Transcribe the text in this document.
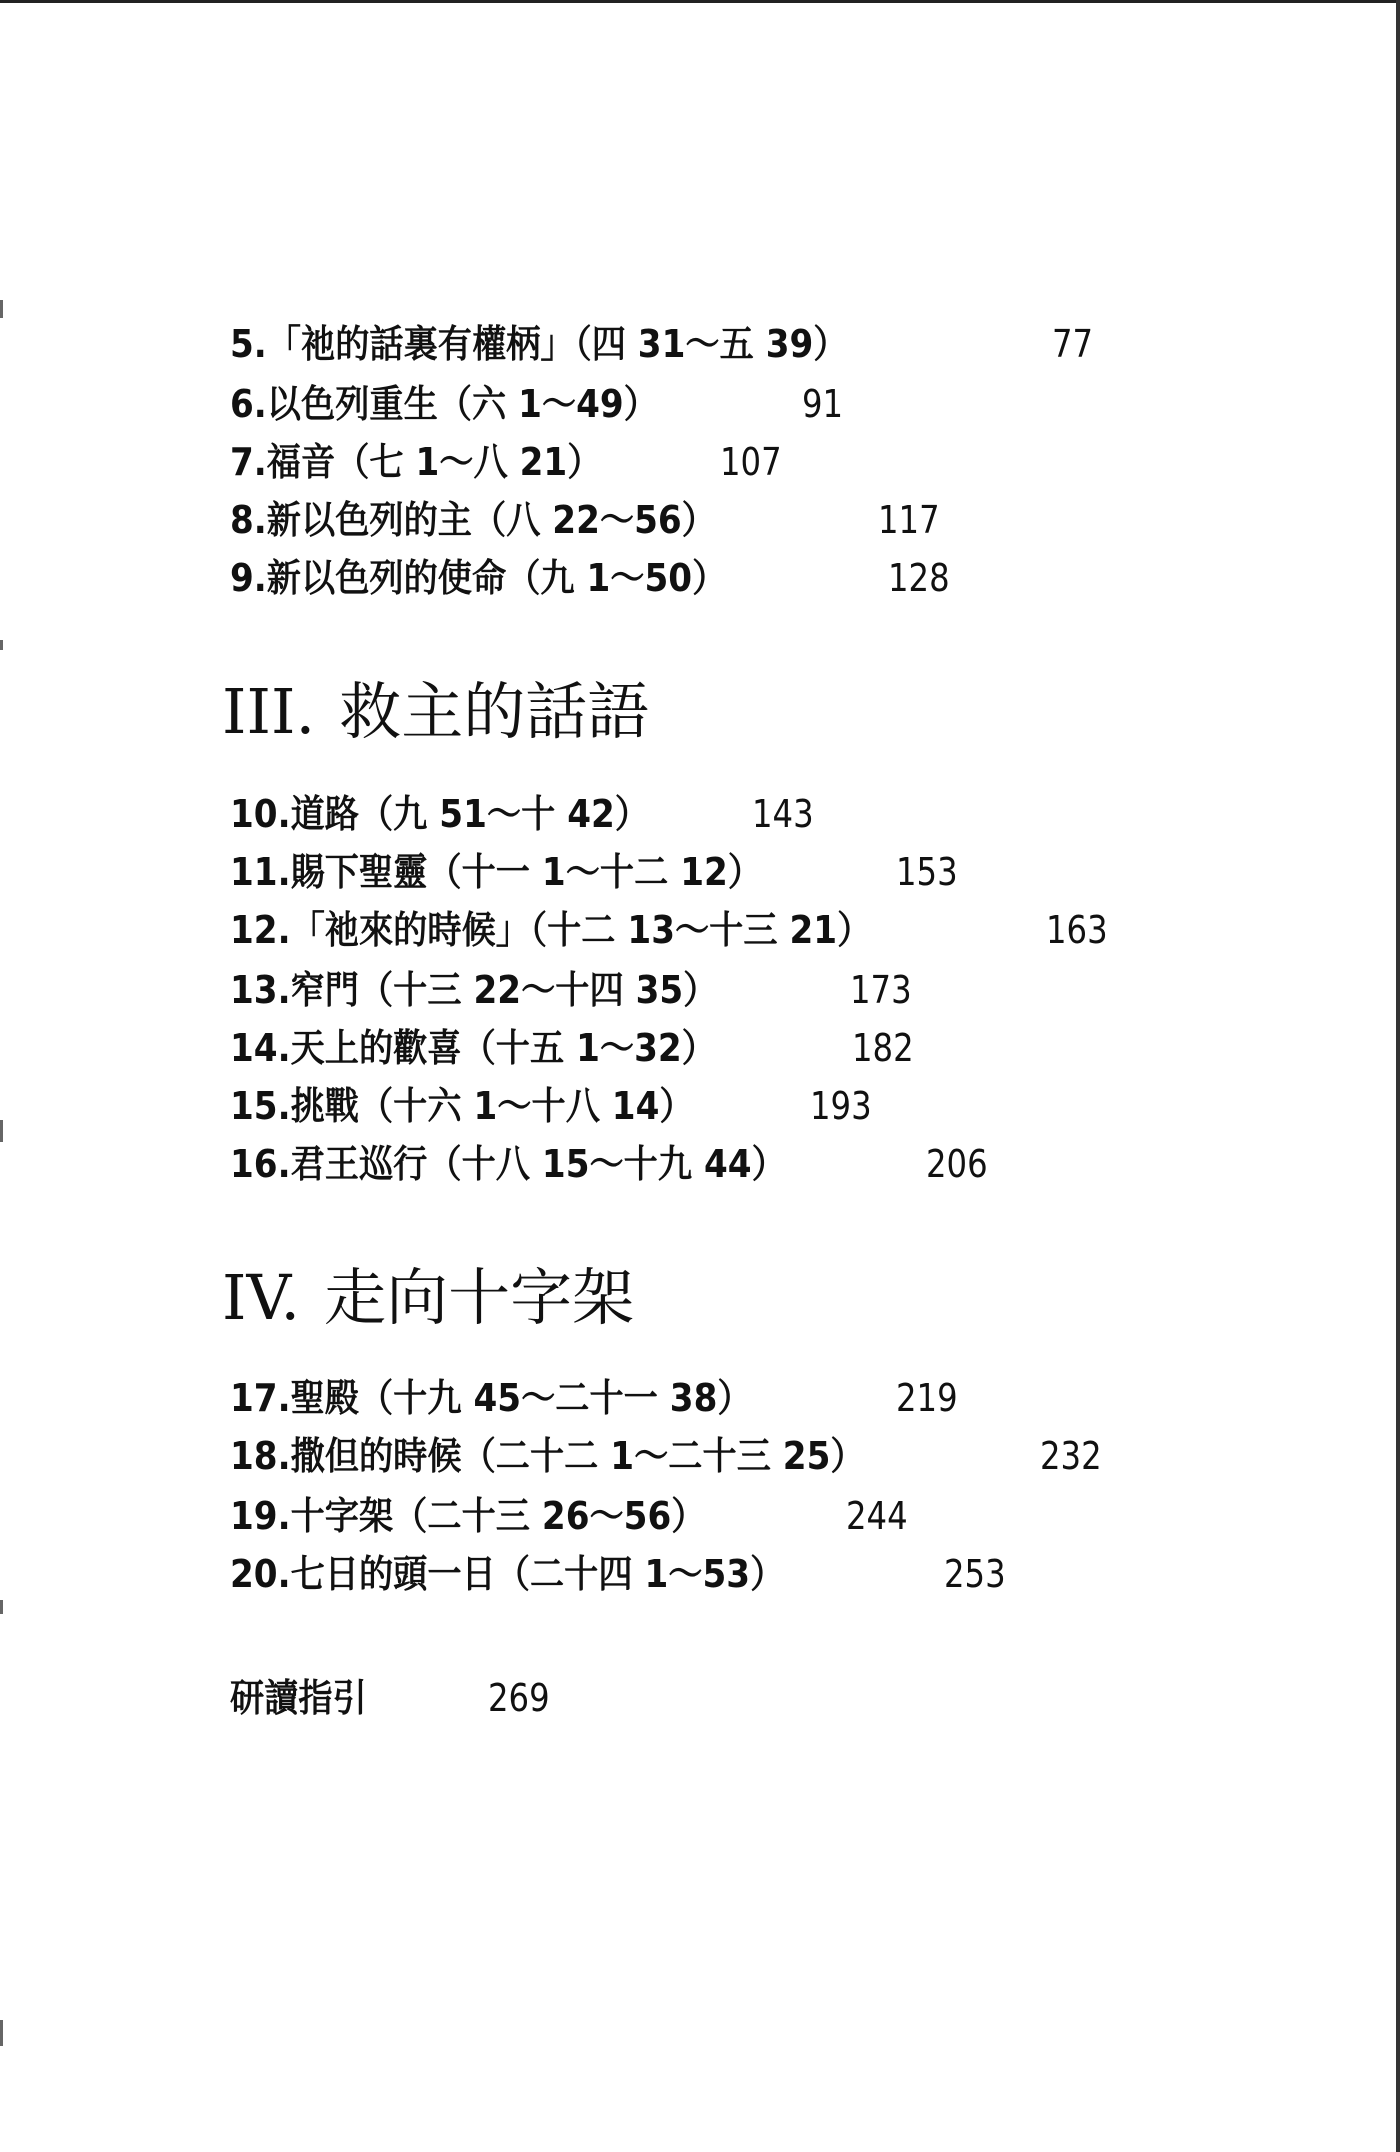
5.「祂的話裏有權柄」（四 31～五 39）	77
6.以色列重生（六 1～49）	91
7.福音（七 1～八 21）	107
8.新以色列的主（八 22～56）	117
9.新以色列的使命（九 1～50）	128
III. 救主的話語
10.道路（九 51～十 42）	143
11.賜下聖靈（十一 1～十二 12）	153
12.「祂來的時候」（十二 13～十三 21）	163
13.窄門（十三 22～十四 35）	173
14.天上的歡喜（十五 1～32）	182
15.挑戰（十六 1～十八 14）	193
16.君王巡行（十八 15～十九 44）	206
IV. 走向十字架
17.聖殿（十九 45～二十一 38）	219
18.撒但的時候（二十二 1～二十三 25）	232
19.十字架（二十三 26～56）	244
20.七日的頭一日（二十四 1～53）	253
研讀指引	269
